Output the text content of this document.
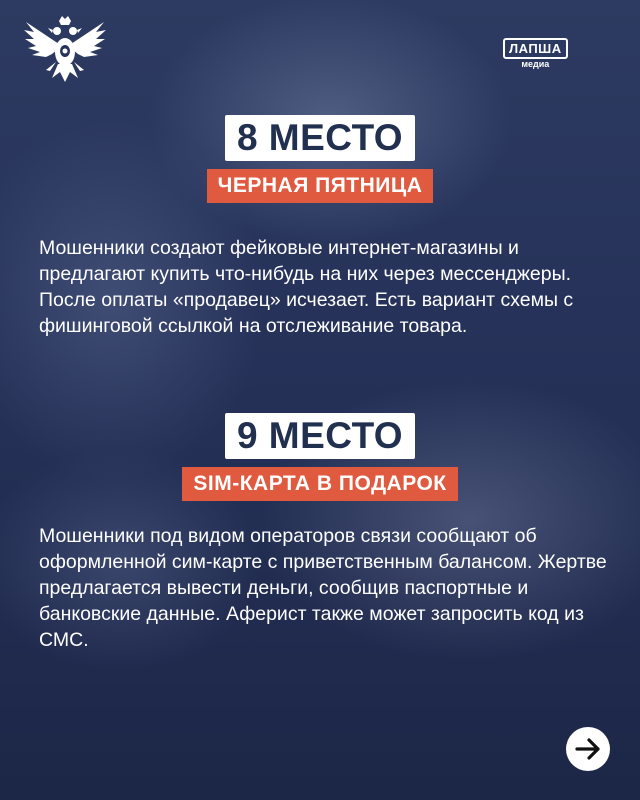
ЛАПША
медиа
8 МЕСТО
ЧЕРНАЯ ПЯТНИЦА

Мошенники создают фейковые интернет-магазины и предлагают купить что-нибудь на них через мессенджеры. После оплаты «продавец» исчезает. Есть вариант схемы с фишинговой ссылкой на отслеживание товара.

9 МЕСТО
SIM-КАРТА В ПОДАРОК

Мошенники под видом операторов связи сообщают об оформленной сим-карте с приветственным балансом. Жертве предлагается вывести деньги, сообщив паспортные и банковские данные. Аферист также может запросить код из СМС.
